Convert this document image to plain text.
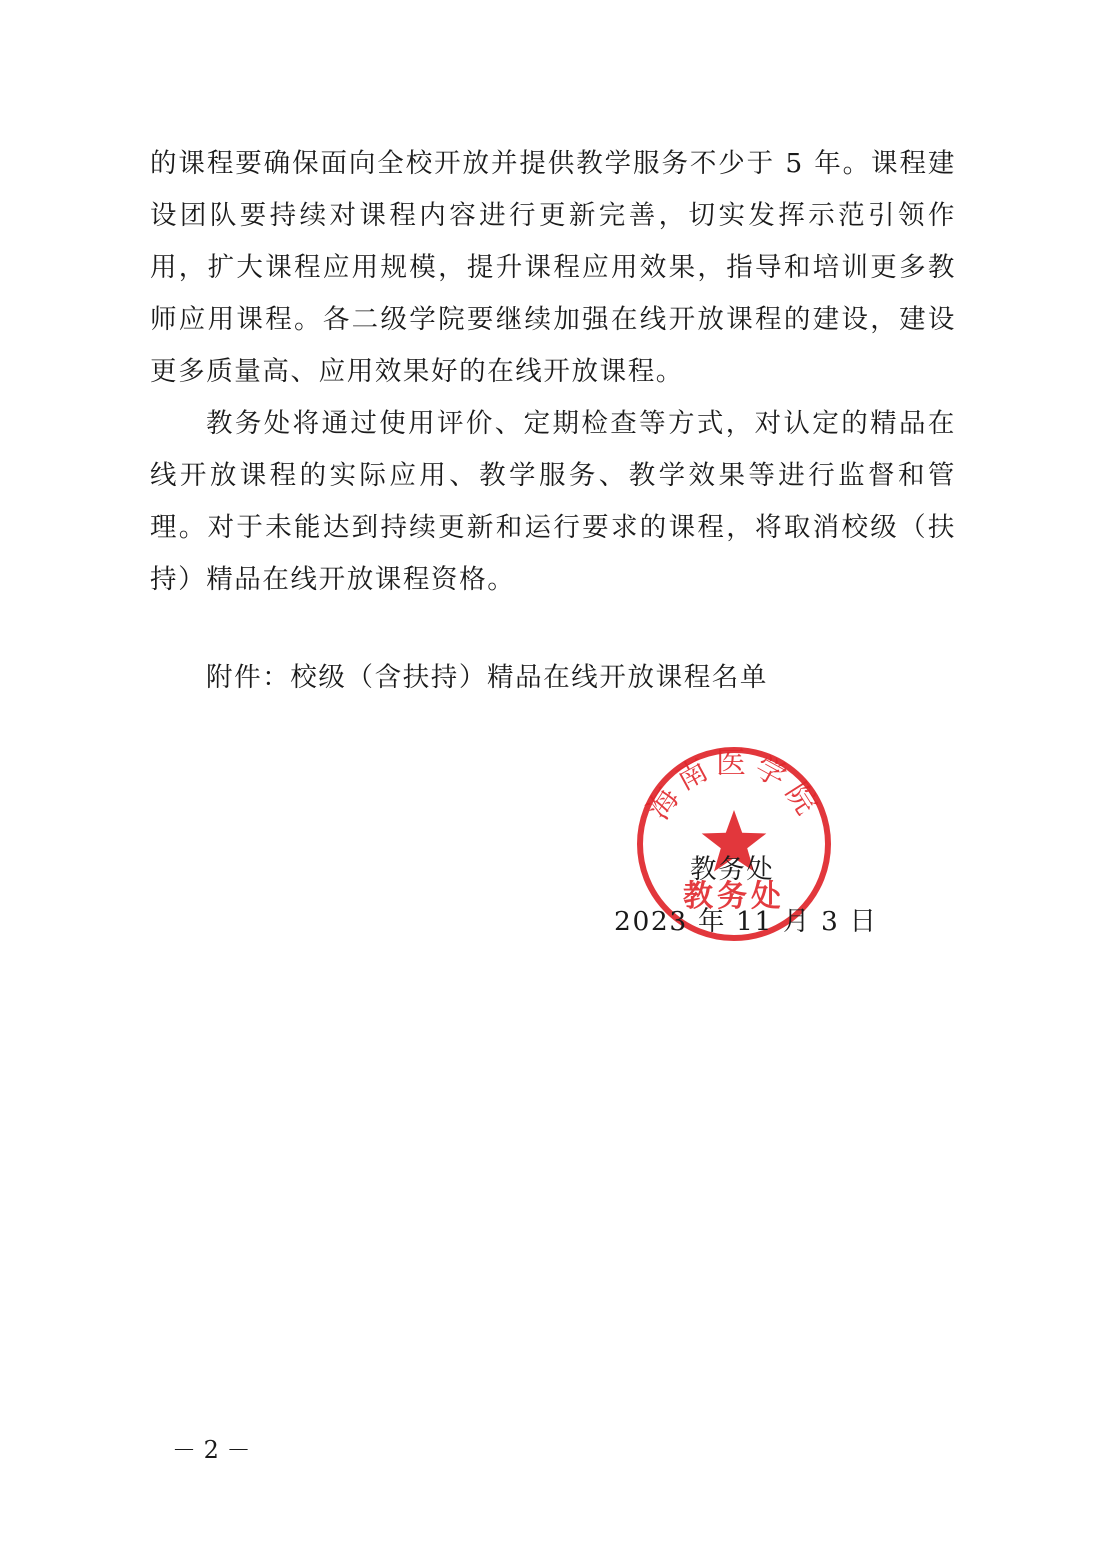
的课程要确保面向全校开放并提供教学服务不少于 5 年。课程建设团队要持续对课程内容进行更新完善，切实发挥示范引领作用，扩大课程应用规模，提升课程应用效果，指导和培训更多教师应用课程。各二级学院要继续加强在线开放课程的建设，建设更多质量高、应用效果好的在线开放课程。

教务处将通过使用评价、定期检查等方式，对认定的精品在线开放课程的实际应用、教学服务、教学效果等进行监督和管理。对于未能达到持续更新和运行要求的课程，将取消校级（扶持）精品在线开放课程资格。

附件：校级（含扶持）精品在线开放课程名单
海南医学院
教务处
教务处
2023 年 11 月 3 日
－ 2 －
